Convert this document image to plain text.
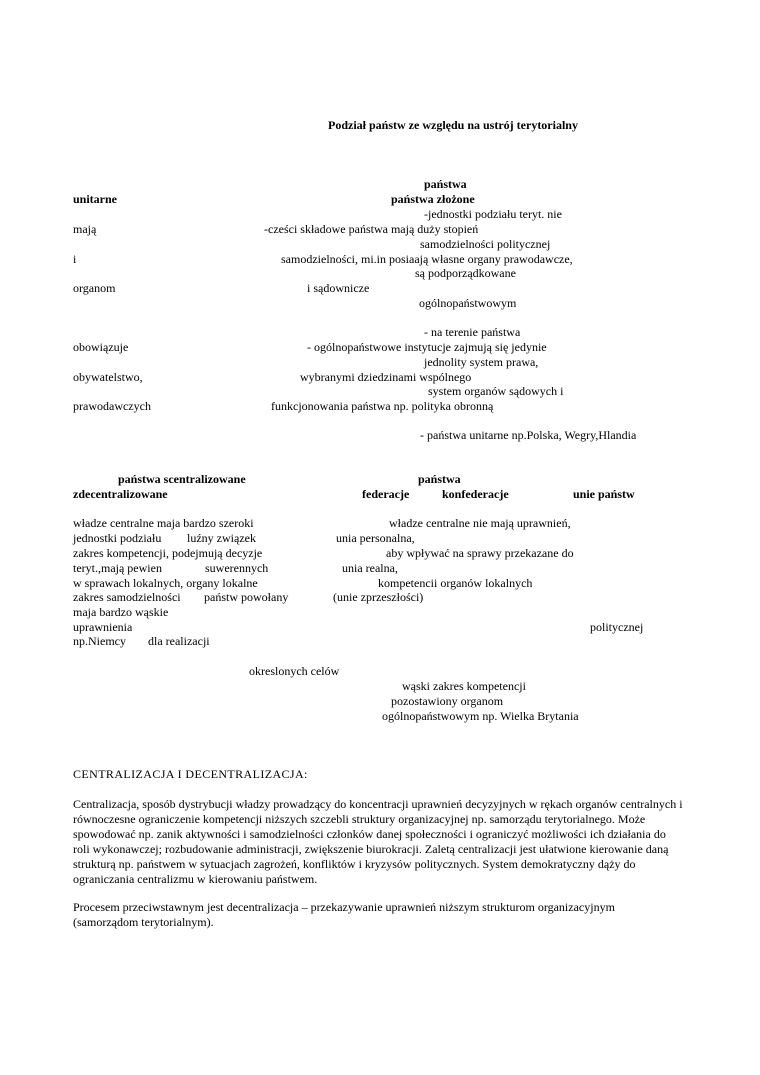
Podział państw ze względu na ustrój terytorialny
państwa
unitarne	państwa złożone
-jednostki podziału teryt. nie
mają	-cześci składowe państwa mają duży stopień
samodzielności politycznej
i	samodzielności, mi.in posiaają własne organy prawodawcze,
są podporządkowane
organom	i sądownicze
ogólnopaństwowym
- na terenie państwa
obowiązuje	- ogólnopaństwowe instytucje zajmują się jedynie
jednolity system prawa,
obywatelstwo,	wybranymi dziedzinami wspólnego
system organów sądowych i
prawodawczych	funkcjonowania państwa np. polityka obronną
- państwa unitarne np.Polska, Wegry,Hlandia
państwa scentralizowane	państwa
zdecentralizowane	federacje	konfederacje	unie państw
władze centralne maja bardzo szeroki	władze centralne nie mają uprawnień,
jednostki podziału luźny związek	unia personalna,
zakres kompetencji, podejmują decyzje	aby wpływać na sprawy przekazane do
teryt.,mają pewien	suwerennych	unia realna,
w sprawach lokalnych, organy lokalne	kompetencii organów lokalnych
zakres samodzielności państw powołany	(unie zprzeszłości)
maja bardzo wąskie
uprawnienia	politycznej
np.Niemcy dla realizacji
okreslonych celów
wąski zakres kompetencji
pozostawiony organom
ogólnopaństwowym np. Wielka Brytania
CENTRALIZACJA I DECENTRALIZACJA:
Centralizacja, sposób dystrybucji władzy prowadzący do koncentracji uprawnień decyzyjnych w rękach organów centralnych i równoczesne ograniczenie kompetencji niższych szczebli struktury organizacyjnej np. samorządu terytorialnego. Może spowodować np. zanik aktywności i samodzielności członków danej społeczności i ograniczyć możliwości ich działania do roli wykonawczej; rozbudowanie administracji, zwiększenie biurokracji. Zaletą centralizacji jest ułatwione kierowanie daną strukturą np. państwem w sytuacjach zagrożeń, konfliktów i kryzysów politycznych. System demokratyczny dąży do ograniczania centralizmu w kierowaniu państwem.
Procesem przeciwstawnym jest decentralizacja – przekazywanie uprawnień niższym strukturom organizacyjnym (samorządom terytorialnym).
